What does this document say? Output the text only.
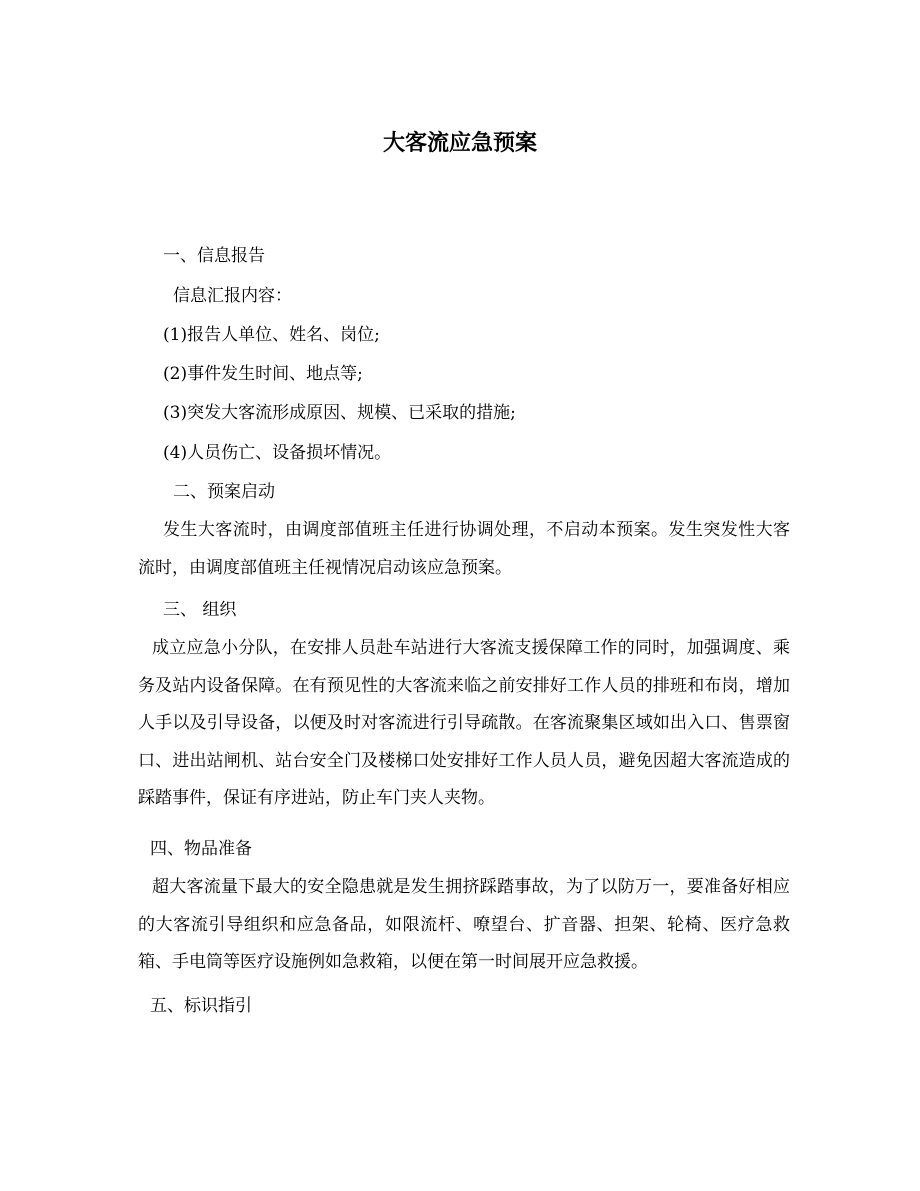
大客流应急预案

一、信息报告

信息汇报内容：

(1)报告人单位、姓名、岗位;

(2)事件发生时间、地点等;

(3)突发大客流形成原因、规模、已采取的措施;

(4)人员伤亡、设备损坏情况。

二、预案启动

发生大客流时，由调度部值班主任进行协调处理，不启动本预案。发生突发性大客流时，由调度部值班主任视情况启动该应急预案。

三、 组织

成立应急小分队，在安排人员赴车站进行大客流支援保障工作的同时，加强调度、乘务及站内设备保障。在有预见性的大客流来临之前安排好工作人员的排班和布岗，增加人手以及引导设备，以便及时对客流进行引导疏散。在客流聚集区域如出入口、售票窗口、进出站闸机、站台安全门及楼梯口处安排好工作人员人员，避免因超大客流造成的踩踏事件，保证有序进站，防止车门夹人夹物。

四、物品准备

超大客流量下最大的安全隐患就是发生拥挤踩踏事故，为了以防万一，要准备好相应的大客流引导组织和应急备品，如限流杆、嘹望台、扩音器、担架、轮椅、医疗急救箱、手电筒等医疗设施例如急救箱，以便在第一时间展开应急救援。

五、标识指引
